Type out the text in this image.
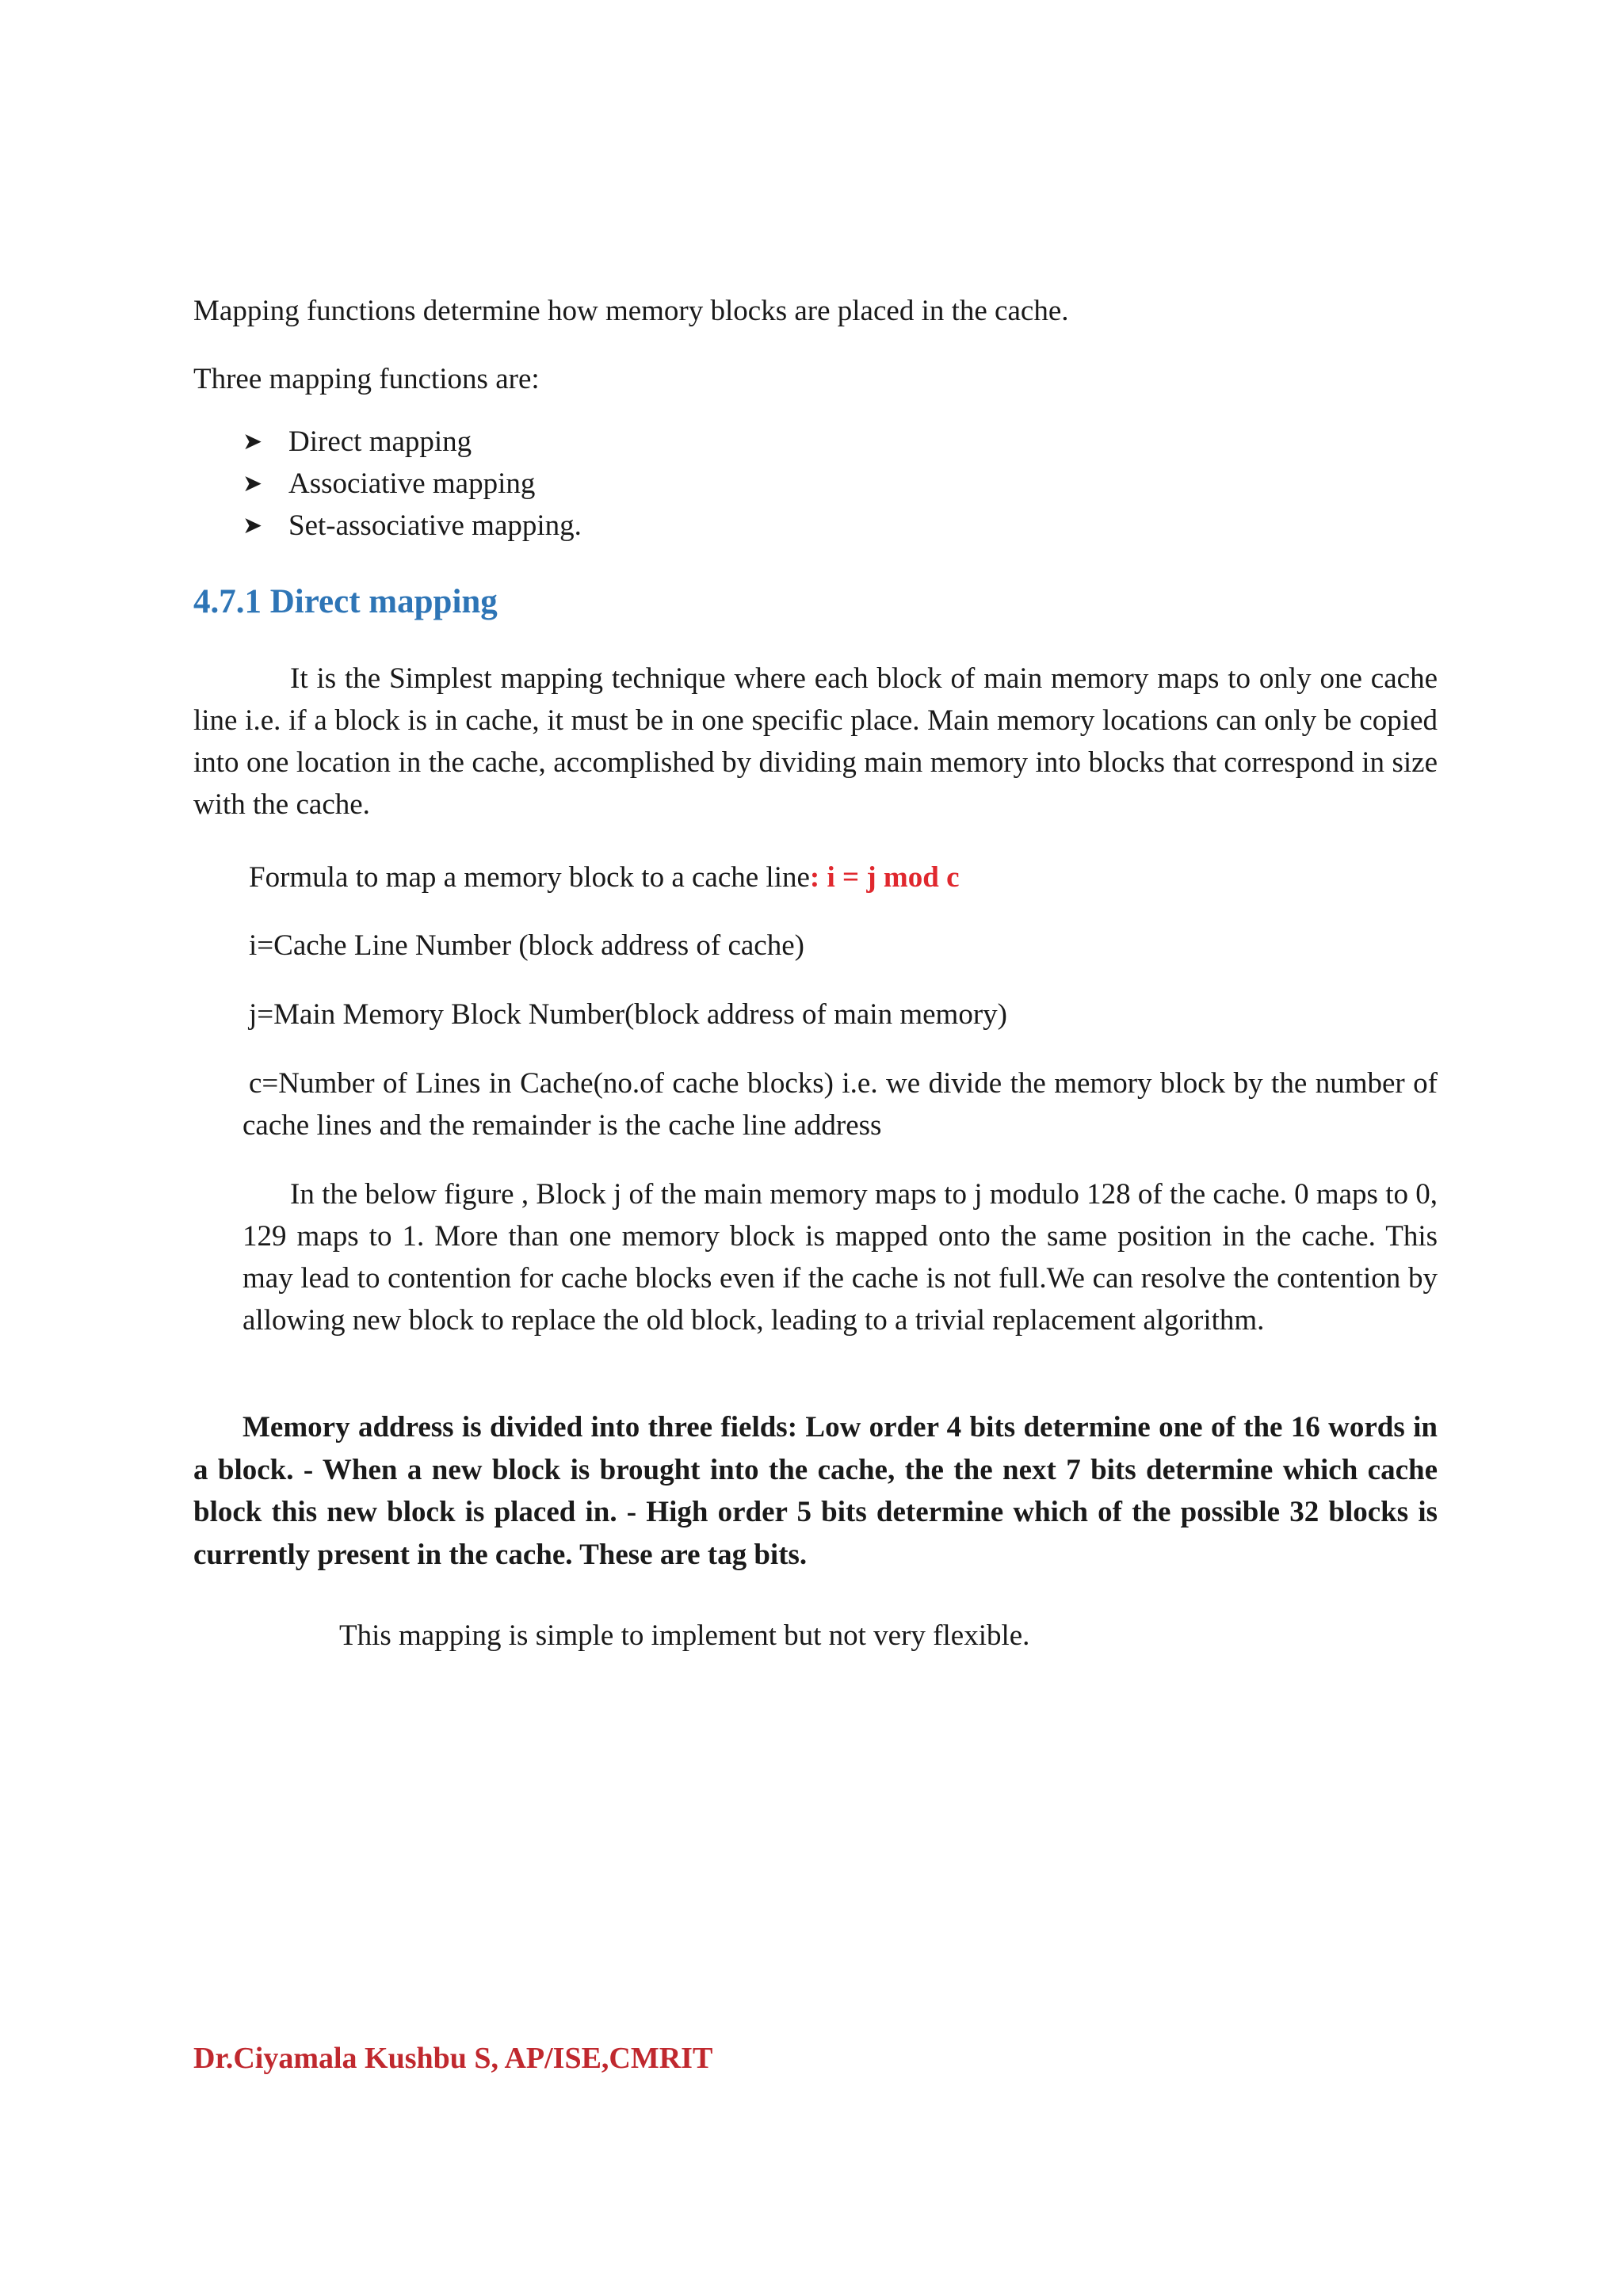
Mapping functions determine how memory blocks are placed in the cache.

Three mapping functions are:

➤ Direct mapping
➤ Associative mapping
➤ Set-associative mapping.
4.7.1 Direct mapping

It is the Simplest mapping technique where each block of main memory maps to only one cache line i.e. if a block is in cache, it must be in one specific place. Main memory locations can only be copied into one location in the cache, accomplished by dividing main memory into blocks that correspond in size with the cache.

Formula to map a memory block to a cache line: i = j mod c

i=Cache Line Number (block address of cache)

j=Main Memory Block Number(block address of main memory)

c=Number of Lines in Cache(no.of cache blocks) i.e. we divide the memory block by the number of cache lines and the remainder is the cache line address

In the below figure , Block j of the main memory maps to j modulo 128 of the cache. 0 maps to 0, 129 maps to 1. More than one memory block is mapped onto the same position in the cache. This may lead to contention for cache blocks even if the cache is not full.We can resolve the contention by allowing new block to replace the old block, leading to a trivial replacement algorithm.

Memory address is divided into three fields: Low order 4 bits determine one of the 16 words in a block. - When a new block is brought into the cache, the the next 7 bits determine which cache block this new block is placed in. - High order 5 bits determine which of the possible 32 blocks is currently present in the cache. These are tag bits.

This mapping is simple to implement but not very flexible.

Dr.Ciyamala Kushbu S, AP/ISE,CMRIT
